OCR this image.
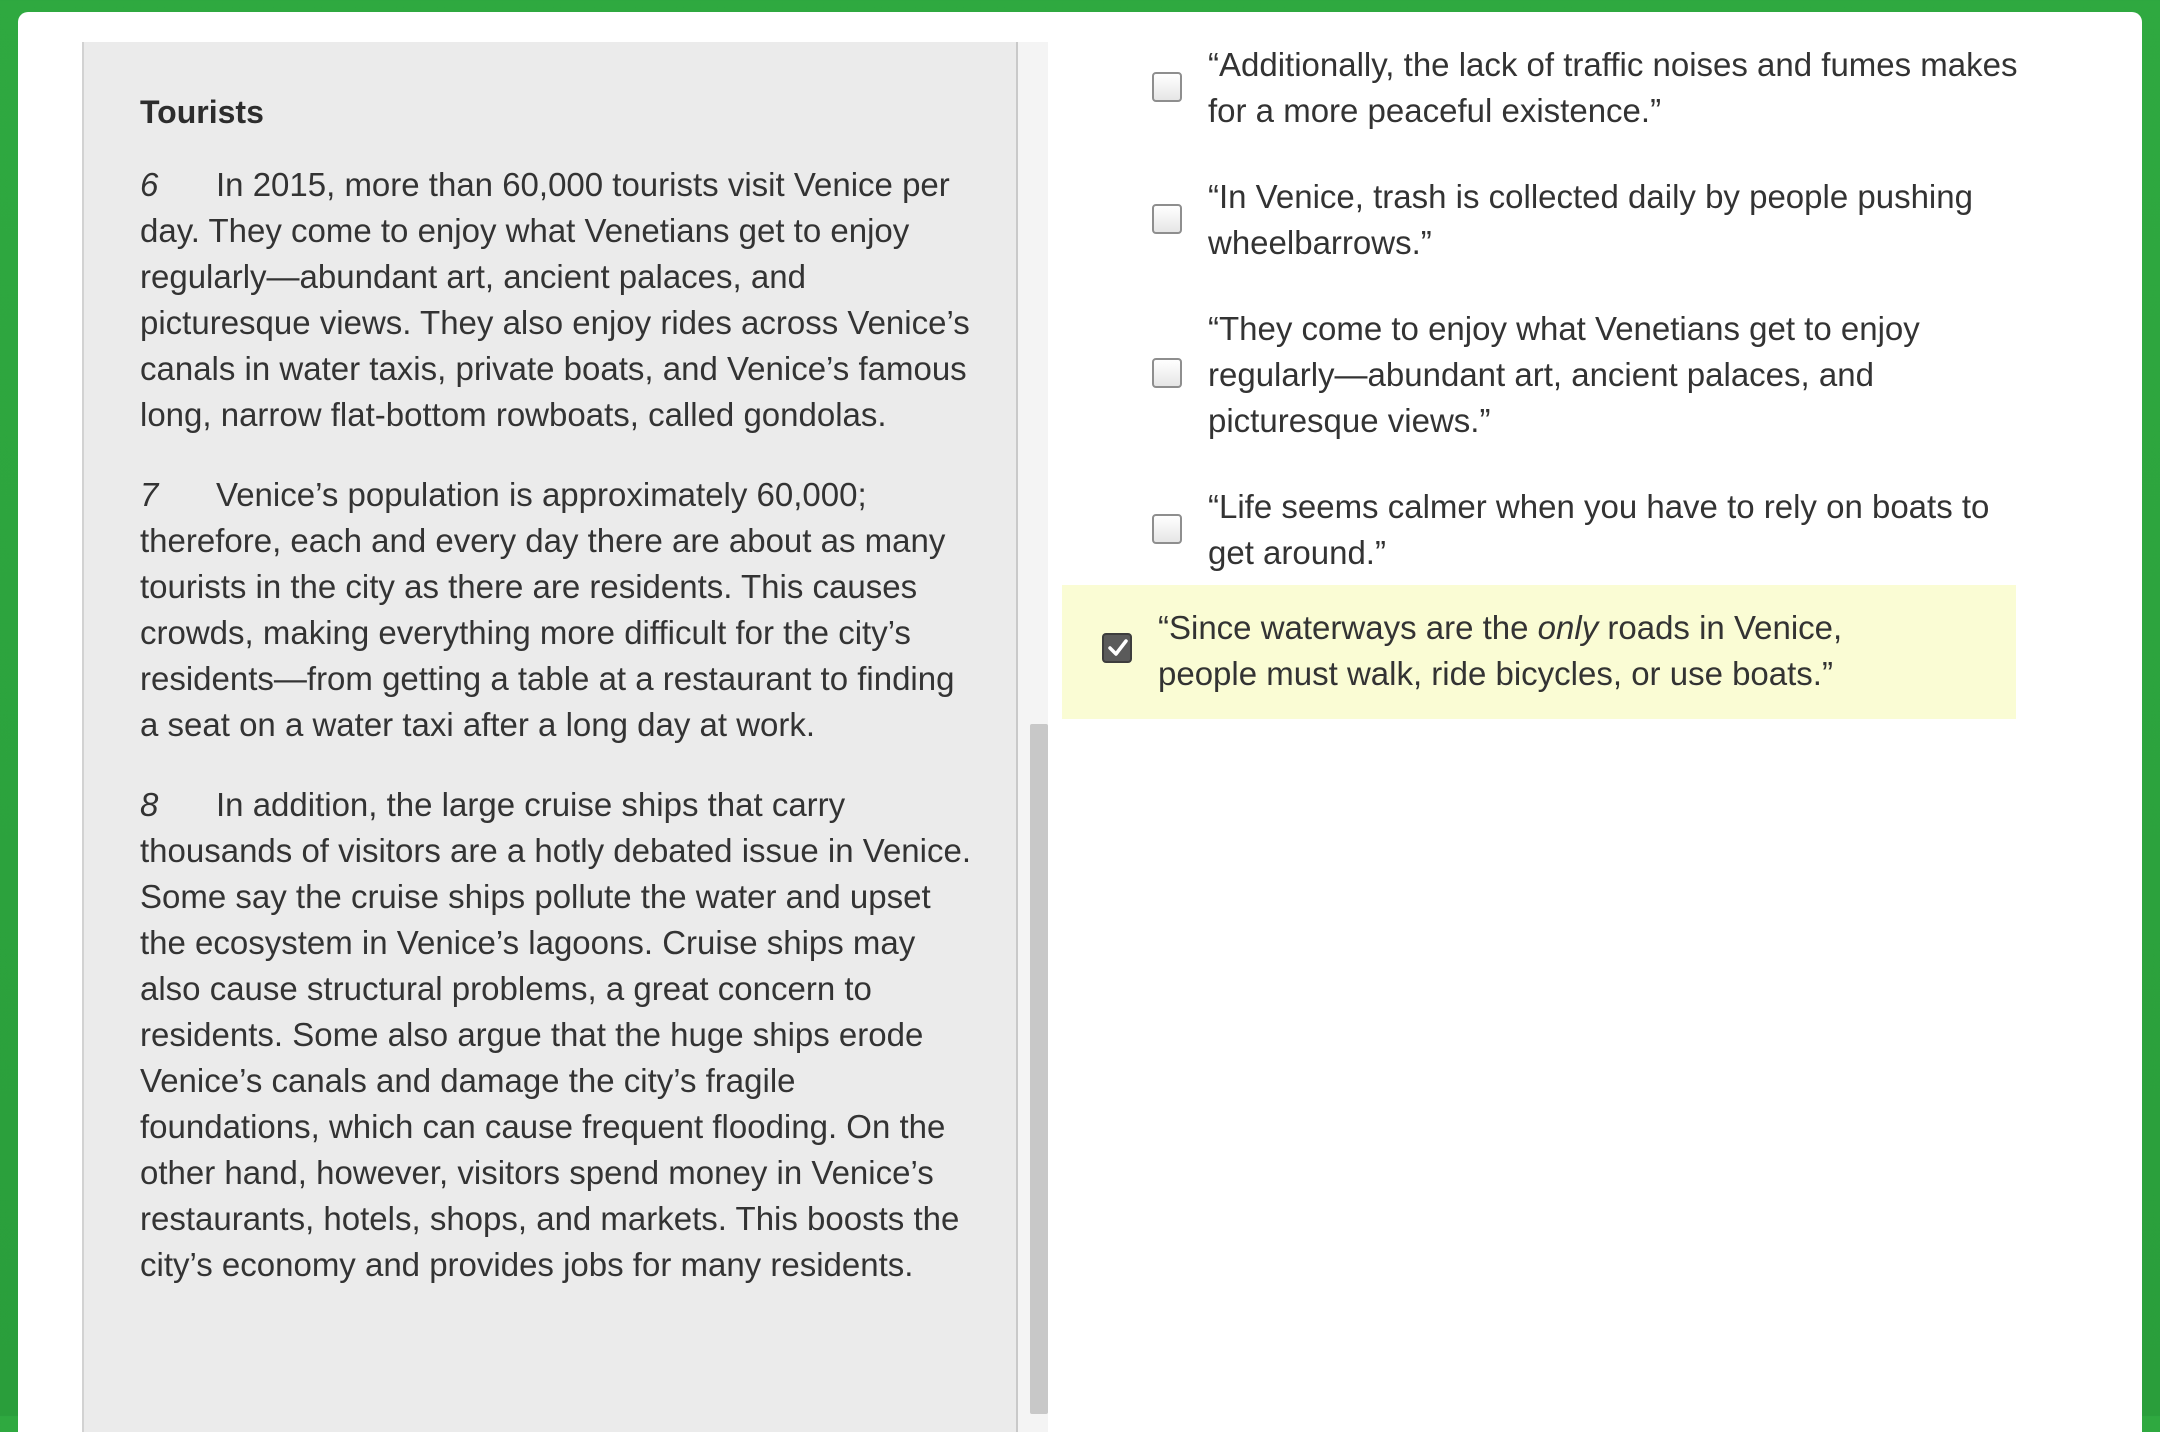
Tourists

6 In 2015, more than 60,000 tourists visit Venice per day. They come to enjoy what Venetians get to enjoy regularly—abundant art, ancient palaces, and picturesque views. They also enjoy rides across Venice’s canals in water taxis, private boats, and Venice’s famous long, narrow flat-bottom rowboats, called gondolas.

7 Venice’s population is approximately 60,000; therefore, each and every day there are about as many tourists in the city as there are residents. This causes crowds, making everything more difficult for the city’s residents—from getting a table at a restaurant to finding a seat on a water taxi after a long day at work.

8 In addition, the large cruise ships that carry thousands of visitors are a hotly debated issue in Venice. Some say the cruise ships pollute the water and upset the ecosystem in Venice’s lagoons. Cruise ships may also cause structural problems, a great concern to residents. Some also argue that the huge ships erode Venice’s canals and damage the city’s fragile foundations, which can cause frequent flooding. On the other hand, however, visitors spend money in Venice’s restaurants, hotels, shops, and markets. This boosts the city’s economy and provides jobs for many residents.

“Additionally, the lack of traffic noises and fumes makes for a more peaceful existence.”
“In Venice, trash is collected daily by people pushing wheelbarrows.”
“They come to enjoy what Venetians get to enjoy regularly—abundant art, ancient palaces, and picturesque views.”
“Life seems calmer when you have to rely on boats to get around.”
“Since waterways are the only roads in Venice, people must walk, ride bicycles, or use boats.”
